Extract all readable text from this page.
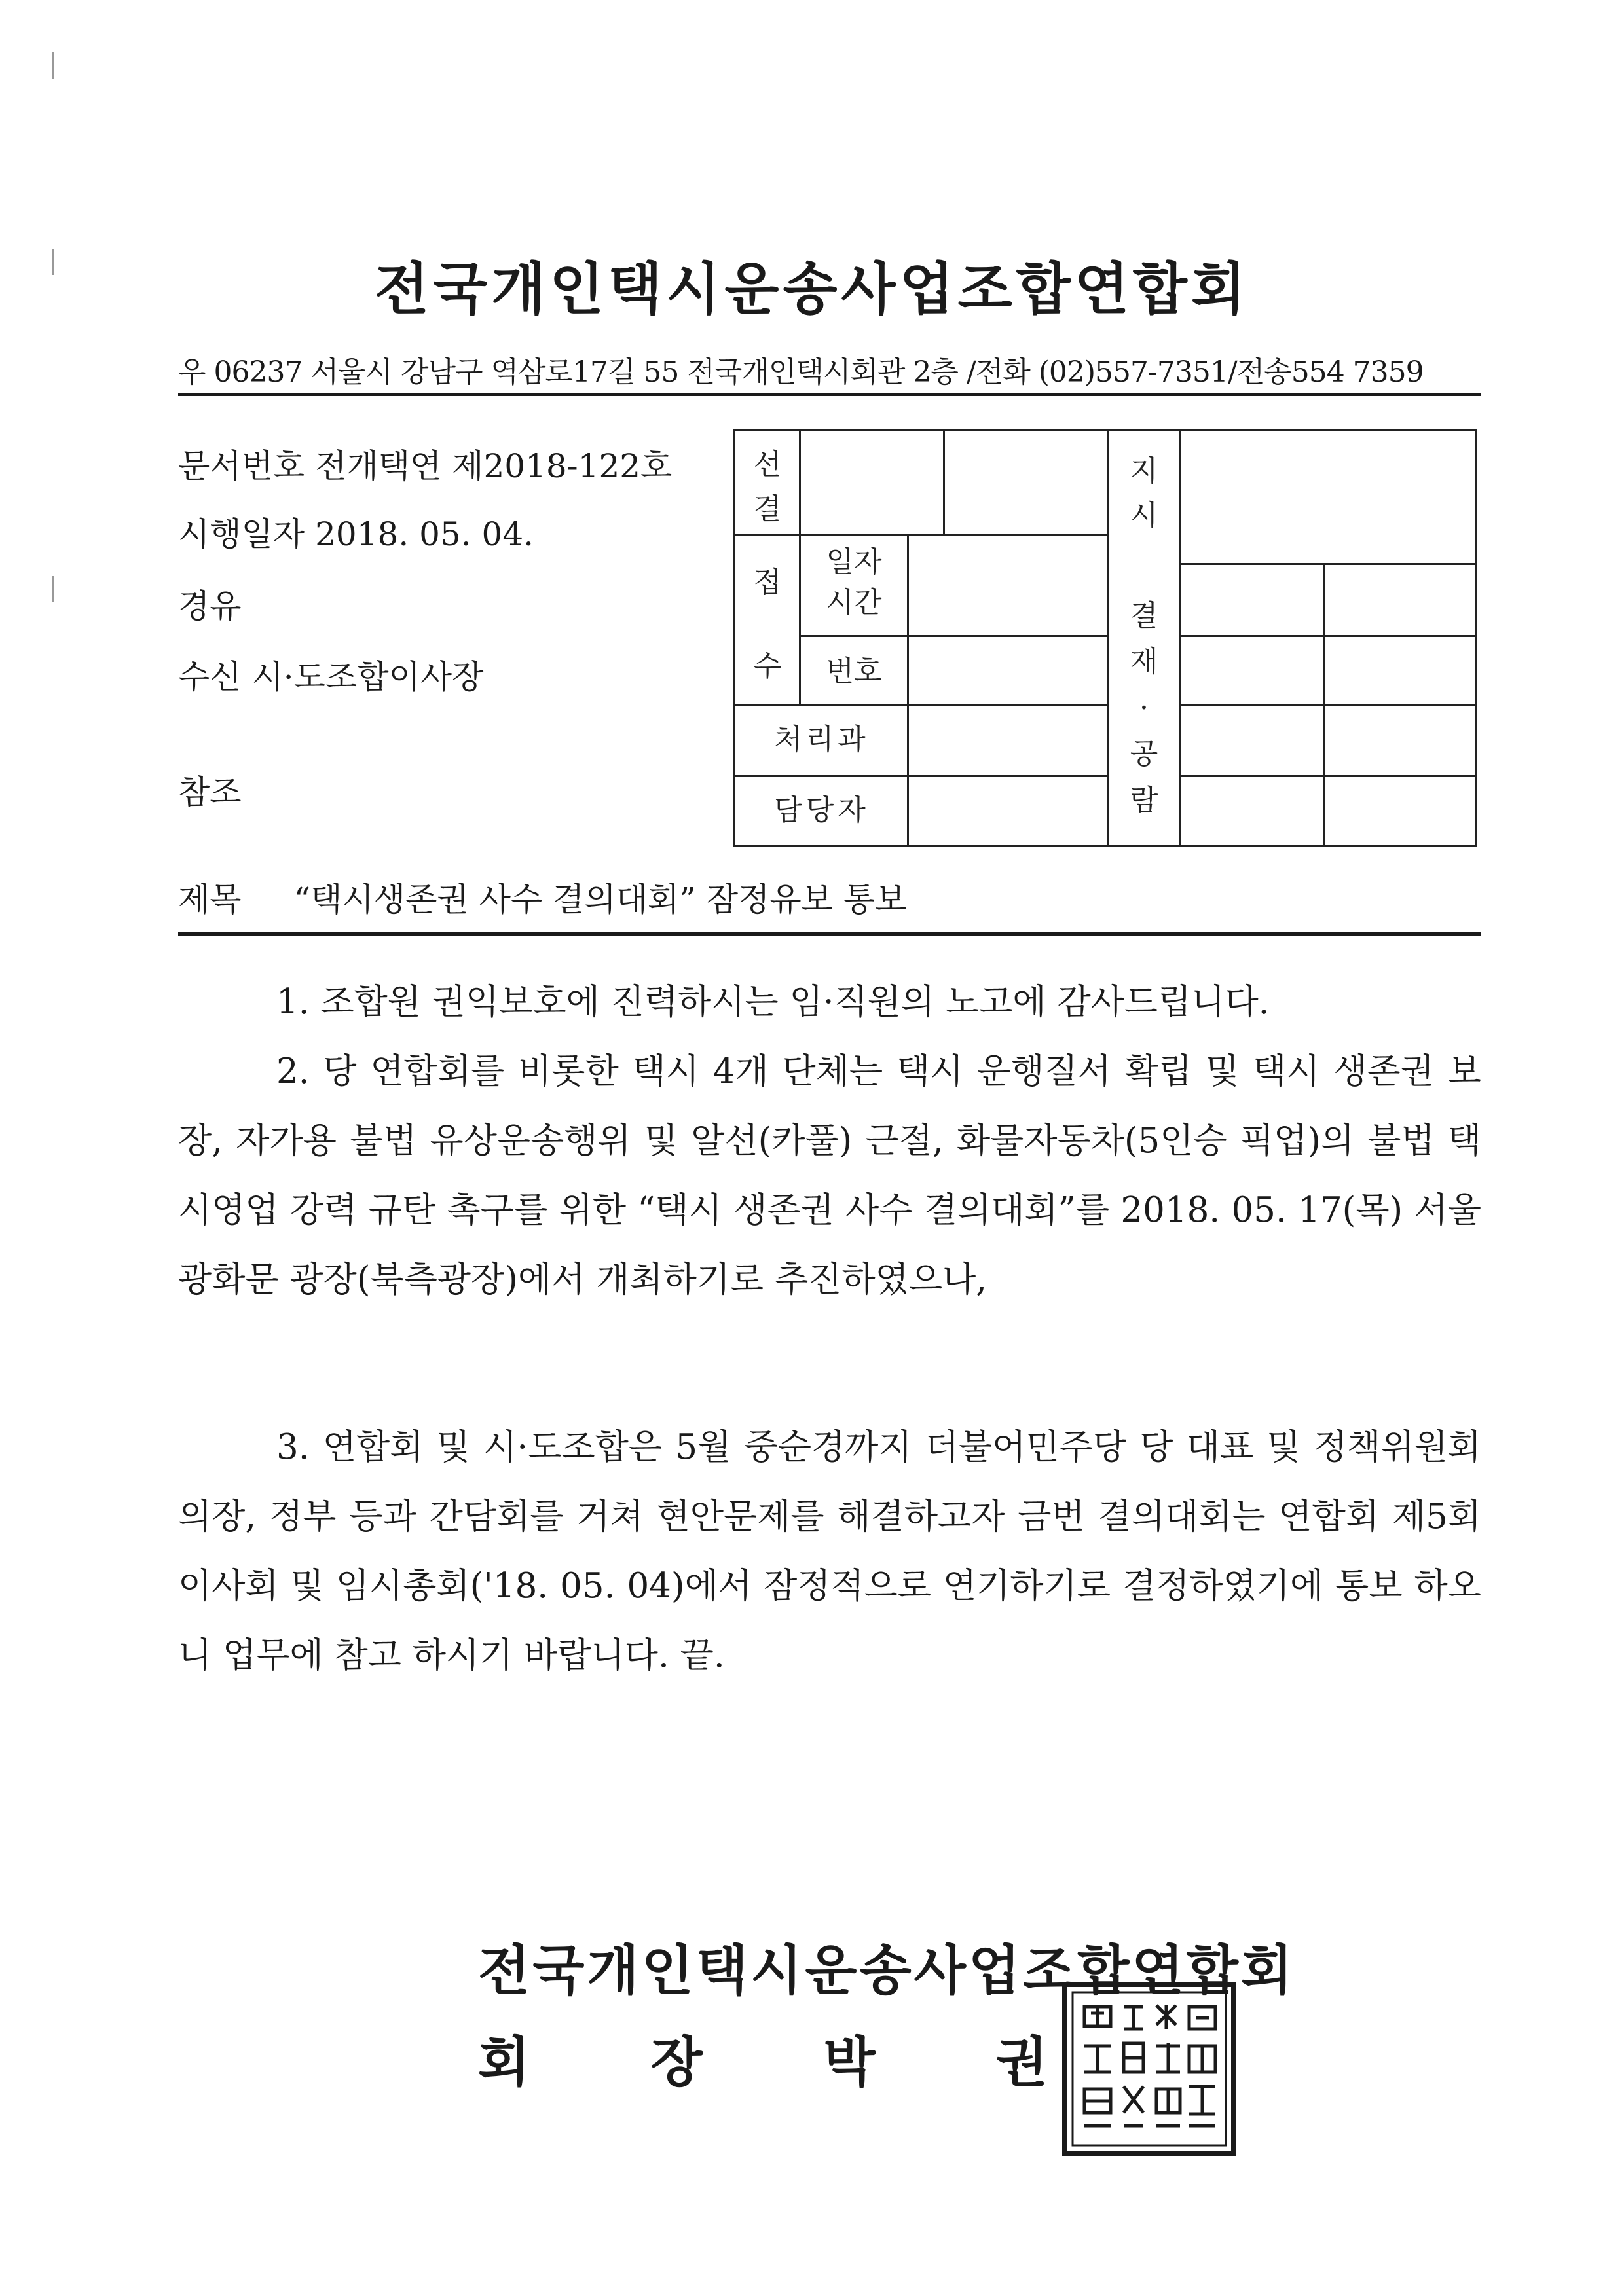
전국개인택시운송사업조합연합회
우 06237 서울시 강남구 역삼로17길 55 전국개인택시회관 2층 /전화 (02)557-7351/전송554 7359
문서번호 전개택연 제2018-122호
시행일자 2018. 05. 04.
경유
수신 시·도조합이사장
참조
선
결
접
수
일자
시간
번호
처리과
담당자
지
시
결
재
·
공
람
제목 “택시생존권 사수 결의대회” 잠정유보 통보
1. 조합원 권익보호에 진력하시는 임·직원의 노고에 감사드립니다.
2. 당 연합회를 비롯한 택시 4개 단체는 택시 운행질서 확립 및 택시 생존권 보장, 자가용 불법 유상운송행위 및 알선(카풀) 근절, 화물자동차(5인승 픽업)의 불법 택시영업 강력 규탄 촉구를 위한 “택시 생존권 사수 결의대회”를 2018. 05. 17(목) 서울 광화문 광장(북측광장)에서 개최하기로 추진하였으나,
3. 연합회 및 시·도조합은 5월 중순경까지 더불어민주당 당 대표 및 정책위원회의장, 정부 등과 간담회를 거쳐 현안문제를 해결하고자 금번 결의대회는 연합회 제5회 이사회 및 임시총회('18. 05. 04)에서 잠정적으로 연기하기로 결정하였기에 통보 하오니 업무에 참고 하시기 바랍니다. 끝.
전국개인택시운송사업조합연합회
회 장 박 권
